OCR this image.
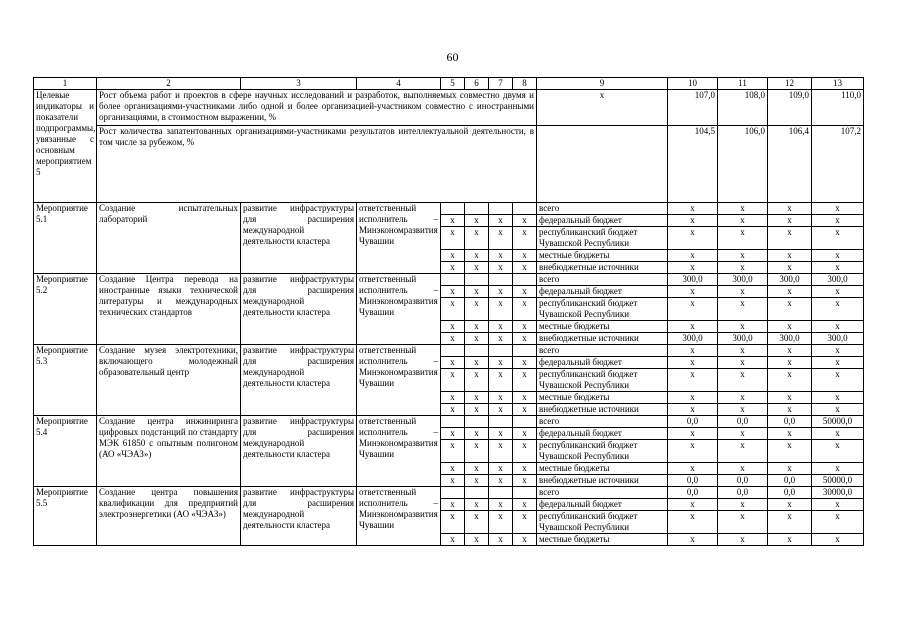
60
1	2	3	4	5	6	7	8	9	10	11	12	13
Целевые индикаторы и показатели подпрограммы, увязанные с основным мероприятием 5	Рост объема работ и проектов в сфере научных исследований и разработок, выполняемых совместно двумя и более организациями-участниками либо одной и более организацией-участником совместно с иностранными организациями, в стоимостном выражении, %							x	107,0	108,0	109,0	110,0
	Рост количества запатентованных организациями-участниками результатов интеллектуальной деятельности, в том числе за рубежом, %								104,5	106,0	106,4	107,2
Мероприятие 5.1	Создание испытательных лабораторий	развитие инфраструктуры для расширения международной деятельности кластера	ответственный исполнитель – Минэкономразвития Чувашии					всего	x	x	x	x
				x	x	x	x	федеральный бюджет	x	x	x	x
				x	x	x	x	республиканский бюджет Чувашской Республики	x	x	x	x
				x	x	x	x	местные бюджеты	x	x	x	x
				x	x	x	x	внебюджетные источники	x	x	x	x
Мероприятие 5.2	Создание Центра перевода на иностранные языки технической литературы и международных технических стандартов	развитие инфраструктуры для расширения международной деятельности кластера	ответственный исполнитель – Минэкономразвития Чувашии					всего	300,0	300,0	300,0	300,0
				x	x	x	x	федеральный бюджет	x	x	x	x
				x	x	x	x	республиканский бюджет Чувашской Республики	x	x	x	x
				x	x	x	x	местные бюджеты	x	x	x	x
				x	x	x	x	внебюджетные источники	300,0	300,0	300,0	300,0
Мероприятие 5.3	Создание музея электротехники, включающего молодежный образовательный центр	развитие инфраструктуры для расширения международной деятельности кластера	ответственный исполнитель – Минэкономразвития Чувашии					всего	x	x	x	x
				x	x	x	x	федеральный бюджет	x	x	x	x
				x	x	x	x	республиканский бюджет Чувашской Республики	x	x	x	x
				x	x	x	x	местные бюджеты	x	x	x	x
				x	x	x	x	внебюджетные источники	x	x	x	x
Мероприятие 5.4	Создание центра инжиниринга цифровых подстанций по стандарту МЭК 61850 с опытным полигоном (АО «ЧЭАЗ»)	развитие инфраструктуры для расширения международной деятельности кластера	ответственный исполнитель – Минэкономразвития Чувашии					всего	0,0	0,0	0,0	50000,0
				x	x	x	x	федеральный бюджет	x	x	x	x
				x	x	x	x	республиканский бюджет Чувашской Республики	x	x	x	x
				x	x	x	x	местные бюджеты	x	x	x	x
				x	x	x	x	внебюджетные источники	0,0	0,0	0,0	50000,0
Мероприятие 5.5	Создание центра повышения квалификации для предприятий электроэнергетики (АО «ЧЭАЗ»)	развитие инфраструктуры для расширения международной деятельности кластера	ответственный исполнитель – Минэкономразвития Чувашии					всего	0,0	0,0	0,0	30000,0
				x	x	x	x	федеральный бюджет	x	x	x	x
				x	x	x	x	республиканский бюджет Чувашской Республики	x	x	x	x
				x	x	x	x	местные бюджеты	x	x	x	x
